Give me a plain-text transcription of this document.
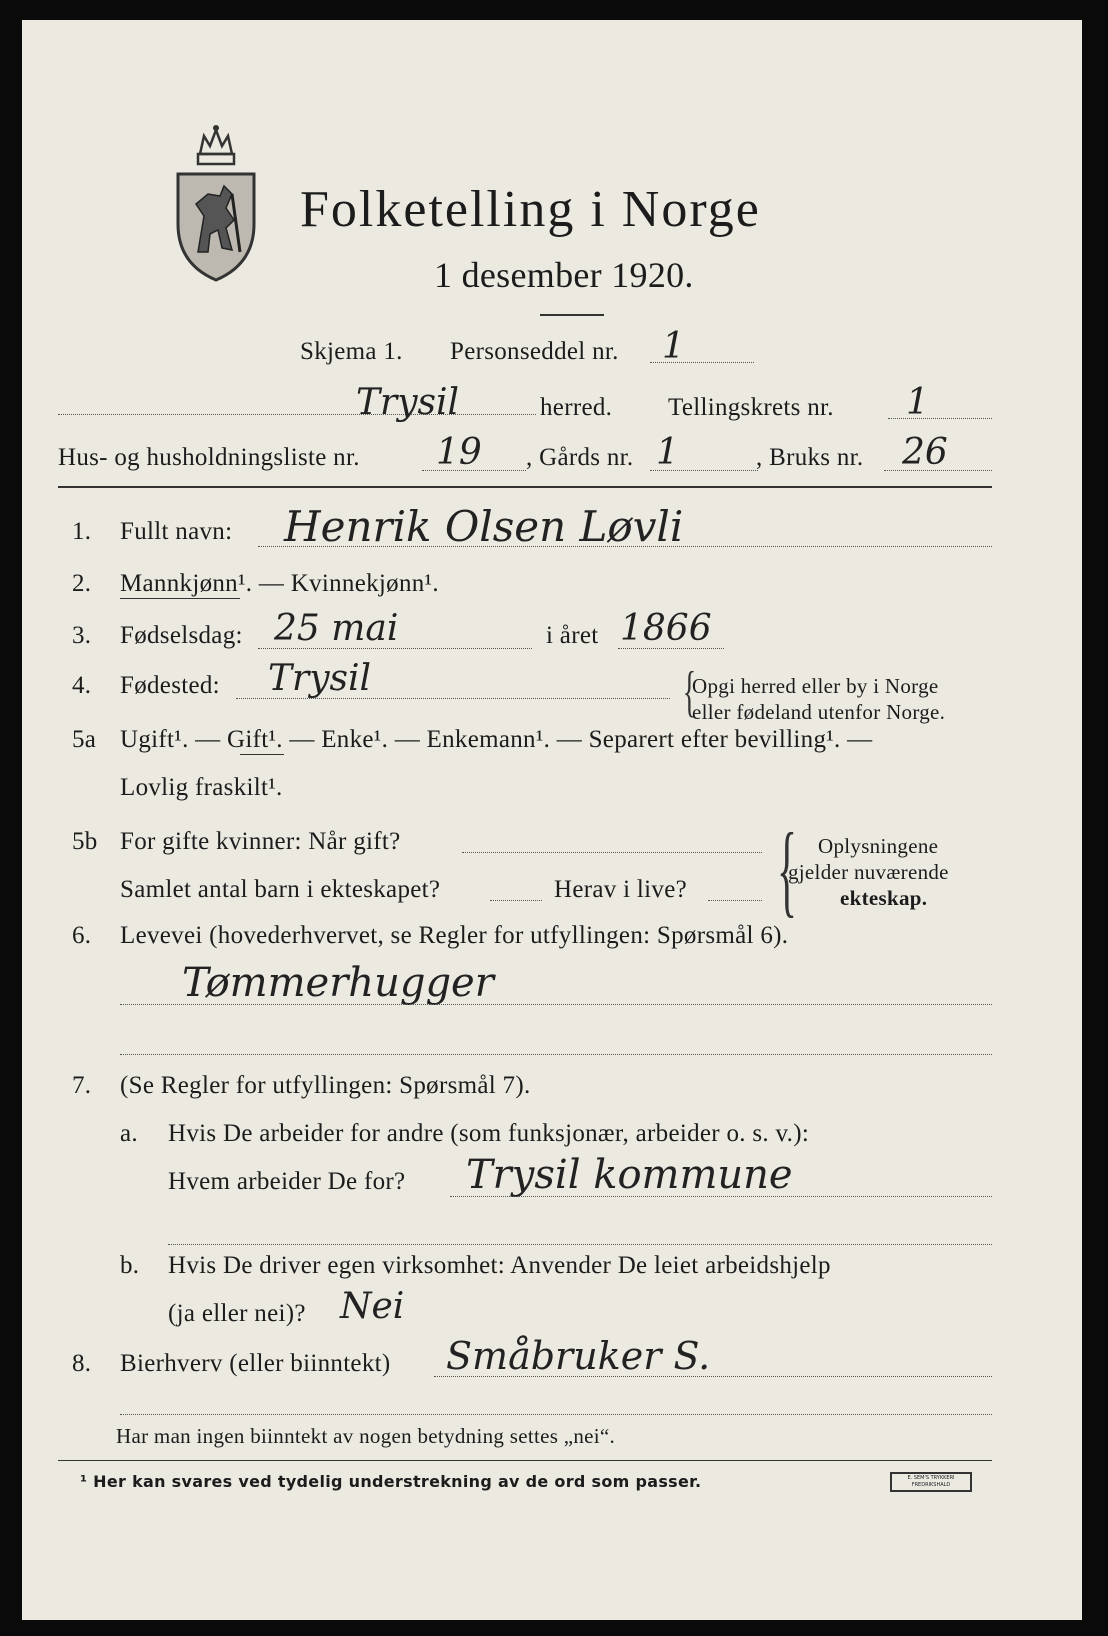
Folketelling i Norge
1 desember 1920.
Skjema 1. Personseddel nr. 1
Trysil	herred. Tellingskrets nr. 1
Hus- og husholdningsliste nr. 19 , Gårds nr. 1	, Bruks nr. 26
1. Fullt navn: Henrik Olsen Løvli
2. Mannkjønn¹. — Kvinnekjønn¹.
3. Fødselsdag: 25 mai	i året 1866
4. Fødested: Trysil	{
Opgi herred eller by i Norge
eller fødeland utenfor Norge.
5a Ugift¹. — Gift¹. — Enke¹. — Enkemann¹. — Separert efter bevilling¹. —
Lovlig fraskilt¹.
5b For gifte kvinner: Når gift?
Samlet antal barn i ekteskapet?	Herav i live? { Oplysningene
gjelder nuværende
ekteskap.
6. Levevei (hovederhvervet, se Regler for utfyllingen: Spørsmål 6).
Tømmerhugger
7. (Se Regler for utfyllingen: Spørsmål 7).
a. Hvis De arbeider for andre (som funksjonær, arbeider o. s. v.):
Hvem arbeider De for? Trysil kommune
b. Hvis De driver egen virksomhet: Anvender De leiet arbeidshjelp
(ja eller nei)? Nei
8. Bierhverv (eller biinntekt) Småbruker S.
Har man ingen biinntekt av nogen betydning settes „nei“.
¹ Her kan svares ved tydelig understrekning av de ord som passer.	E. SEM'S TRYKKERI FREDRIKSHALD
